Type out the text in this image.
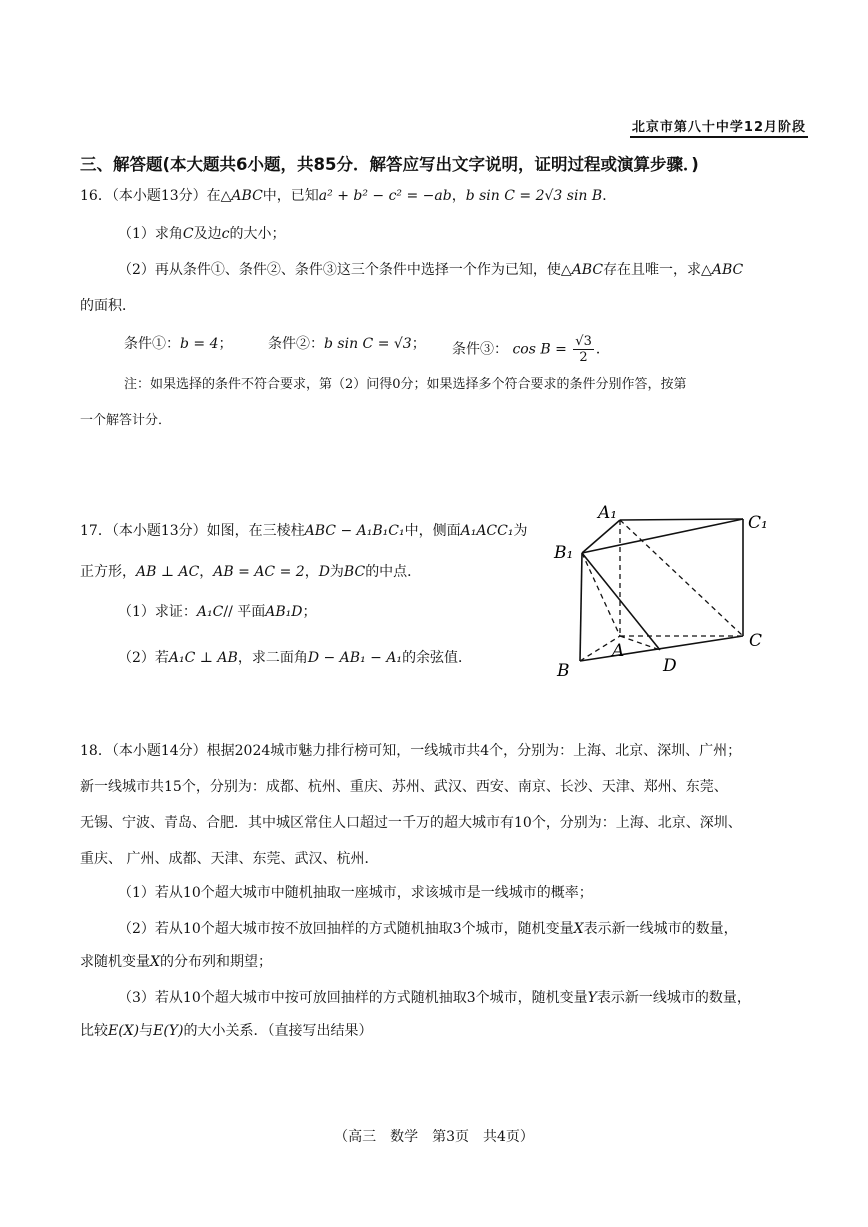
北京市第八十中学12月阶段
三、解答题(本大题共6小题，共85分．解答应写出文字说明，证明过程或演算步骤．)
16．（本小题13分）在△ABC中，已知a² + b² − c² = −ab，b sin C = 2√3 sin B．
（1）求角C及边c的大小；
（2）再从条件①、条件②、条件③这三个条件中选择一个作为已知，使△ABC存在且唯一，求△ABC
的面积．
条件①：b = 4；	条件②：b sin C = √3； 条件③： $\cos B = \frac{√3}{2}$ ．
注：如果选择的条件不符合要求，第（2）问得0分；如果选择多个符合要求的条件分别作答，按第
一个解答计分．
17．（本小题13分）如图，在三棱柱ABC − A₁B₁C₁中，侧面A₁ACC₁为
正方形，AB ⊥ AC，AB = AC = 2，D为BC的中点．
（1）求证：A₁C// 平面AB₁D；
（2）若A₁C ⊥ AB，求二面角D − AB₁ − A₁的余弦值．
A₁	C₁
B₁
A	C
B	D
18．（本小题14分）根据2024城市魅力排行榜可知，一线城市共4个，分别为：上海、北京、深圳、广州；
新一线城市共15个，分别为：成都、杭州、重庆、苏州、武汉、西安、南京、长沙、天津、郑州、东莞、
无锡、宁波、青岛、合肥．其中城区常住人口超过一千万的超大城市有10个，分别为：上海、北京、深圳、
重庆、 广州、成都、天津、东莞、武汉、杭州．
（1）若从10个超大城市中随机抽取一座城市，求该城市是一线城市的概率；
（2）若从10个超大城市按不放回抽样的方式随机抽取3个城市，随机变量X表示新一线城市的数量，
求随机变量X的分布列和期望；
（3）若从10个超大城市中按可放回抽样的方式随机抽取3个城市，随机变量Y表示新一线城市的数量，
比较E(X)与E(Y)的大小关系．（直接写出结果）
（高三　数学　第3页　共4页）
